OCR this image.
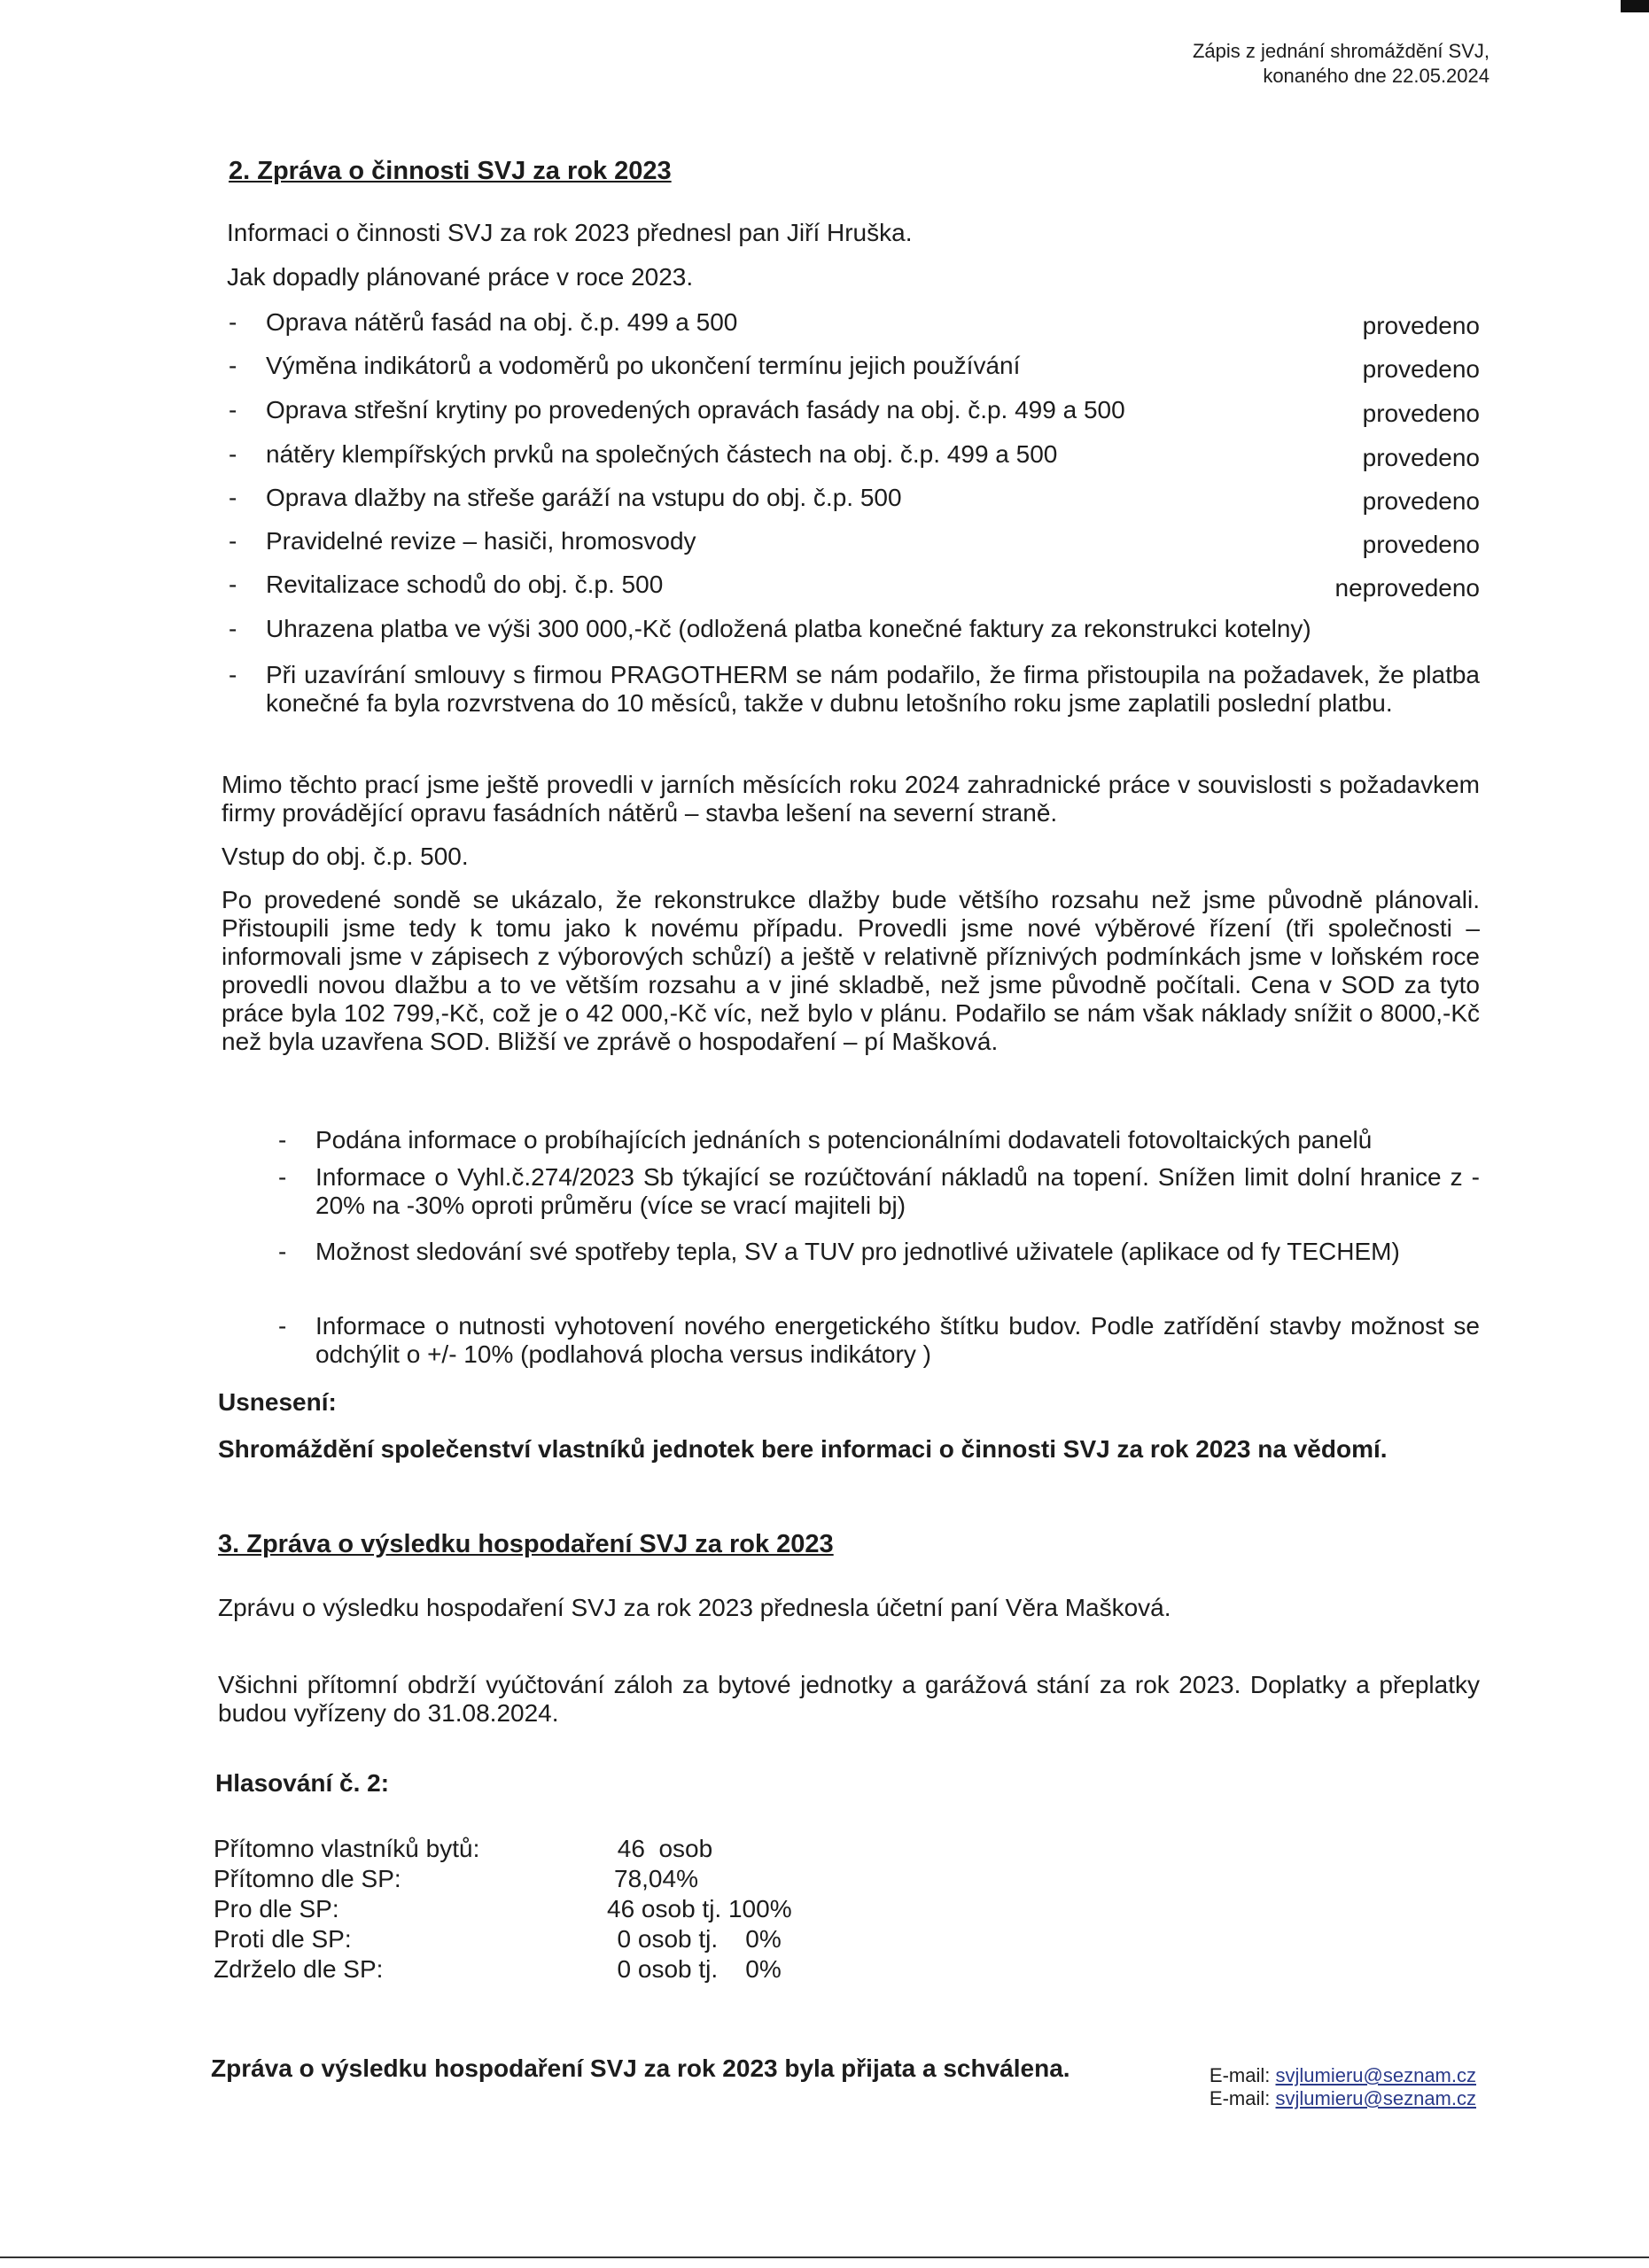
Zápis z jednání shromáždění SVJ,
konaného dne 22.05.2024
2. Zpráva o činnosti SVJ za rok 2023
Informaci o činnosti SVJ za rok 2023 přednesl pan Jiří Hruška.
Jak dopadly plánované práce v roce 2023.
- Oprava nátěrů fasád na obj. č.p. 499 a 500	provedeno
- Výměna indikátorů a vodoměrů po ukončení termínu jejich používání	provedeno
- Oprava střešní krytiny po provedených opravách fasády na obj. č.p. 499 a 500	provedeno
- nátěry klempířských prvků na společných částech na obj. č.p. 499 a 500	provedeno
- Oprava dlažby na střeše garáží na vstupu do obj. č.p. 500	provedeno
- Pravidelné revize – hasiči, hromosvody	provedeno
- Revitalizace schodů do obj. č.p. 500	neprovedeno
- Uhrazena platba ve výši 300 000,-Kč (odložená platba konečné faktury za rekonstrukci kotelny)
- Při uzavírání smlouvy s firmou PRAGOTHERM se nám podařilo, že firma přistoupila na požadavek, že platba konečné fa byla rozvrstvena do 10 měsíců, takže v dubnu letošního roku jsme zaplatili poslední platbu.
Mimo těchto prací jsme ještě provedli v jarních měsících roku 2024 zahradnické práce v souvislosti s požadavkem firmy provádějící opravu fasádních nátěrů – stavba lešení na severní straně.
Vstup do obj. č.p. 500.
Po provedené sondě se ukázalo, že rekonstrukce dlažby bude většího rozsahu než jsme původně plánovali. Přistoupili jsme tedy k tomu jako k novému případu. Provedli jsme nové výběrové řízení (tři společnosti – informovali jsme v zápisech z výborových schůzí) a ještě v relativně příznivých podmínkách jsme v loňském roce provedli novou dlažbu a to ve větším rozsahu a v jiné skladbě, než jsme původně počítali. Cena v SOD za tyto práce byla 102 799,-Kč, což je o 42 000,-Kč víc, než bylo v plánu. Podařilo se nám však náklady snížit o 8000,-Kč než byla uzavřena SOD. Bližší ve zprávě o hospodaření – pí Mašková.
- Podána informace o probíhajících jednáních s potencionálními dodavateli fotovoltaických panelů
- Informace o Vyhl.č.274/2023 Sb týkající se rozúčtování nákladů na topení. Snížen limit dolní hranice z - 20% na -30% oproti průměru (více se vrací majiteli bj)
- Možnost sledování své spotřeby tepla, SV a TUV pro jednotlivé uživatele (aplikace od fy TECHEM)
- Informace o nutnosti vyhotovení nového energetického štítku budov. Podle zatřídění stavby možnost se odchýlit o +/- 10% (podlahová plocha versus indikátory )
Usnesení:
Shromáždění společenství vlastníků jednotek bere informaci o činnosti SVJ za rok 2023 na vědomí.
3. Zpráva o výsledku hospodaření SVJ za rok 2023
Zprávu o výsledku hospodaření SVJ za rok 2023 přednesla účetní paní Věra Mašková.
Všichni přítomní obdrží vyúčtování záloh za bytové jednotky a garážová stání za rok 2023. Doplatky a přeplatky budou vyřízeny do 31.08.2024.
Hlasování č. 2:
Přítomno vlastníků bytů:	46  osob
Přítomno dle SP:	78,04%
Pro dle SP:	46 osob tj. 100%
Proti dle SP:	0 osob tj.    0%
Zdrželo dle SP:	0 osob tj.    0%
Zpráva o výsledku hospodaření SVJ za rok 2023 byla přijata a schválena.	E-mail: svjlumieru@seznam.cz
E-mail: svjlumieru@seznam.cz
